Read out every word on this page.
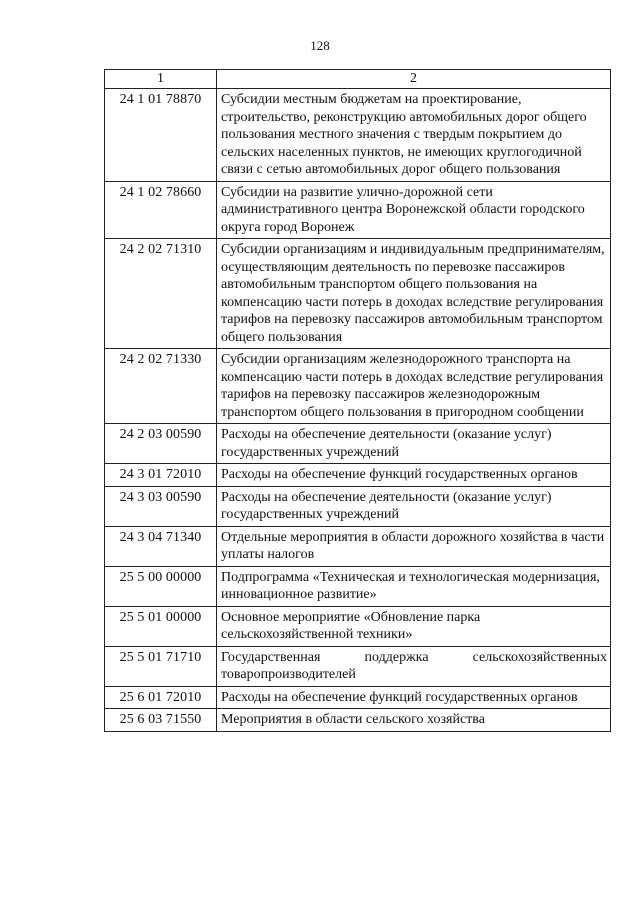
128
1	2
24 1 01 78870	Субсидии местным бюджетам на проектирование, строительство, реконструкцию автомобильных дорог общего пользования местного значения с твердым покрытием до сельских населенных пунктов, не имеющих круглогодичной связи с сетью автомобильных дорог общего пользования
24 1 02 78660	Субсидии на развитие улично-дорожной сети административного центра Воронежской области городского округа город Воронеж
24 2 02 71310	Субсидии организациям и индивидуальным предпринимателям, осуществляющим деятельность по перевозке пассажиров автомобильным транспортом общего пользования на компенсацию части потерь в доходах вследствие регулирования тарифов на перевозку пассажиров автомобильным транспортом общего пользования
24 2 02 71330	Субсидии организациям железнодорожного транспорта на компенсацию части потерь в доходах вследствие регулирования тарифов на перевозку пассажиров железнодорожным транспортом общего пользования в пригородном сообщении
24 2 03 00590	Расходы на обеспечение деятельности (оказание услуг) государственных учреждений
24 3 01 72010	Расходы на обеспечение функций государственных органов
24 3 03 00590	Расходы на обеспечение деятельности (оказание услуг) государственных учреждений
24 3 04 71340	Отдельные мероприятия в области дорожного хозяйства в части уплаты налогов
25 5 00 00000	Подпрограмма «Техническая и технологическая модернизация, инновационное развитие»
25 5 01 00000	Основное мероприятие «Обновление парка сельскохозяйственной техники»
25 5 01 71710	Государственная поддержка сельскохозяйственных товаропроизводителей
25 6 01 72010	Расходы на обеспечение функций государственных органов
25 6 03 71550	Мероприятия в области сельского хозяйства
